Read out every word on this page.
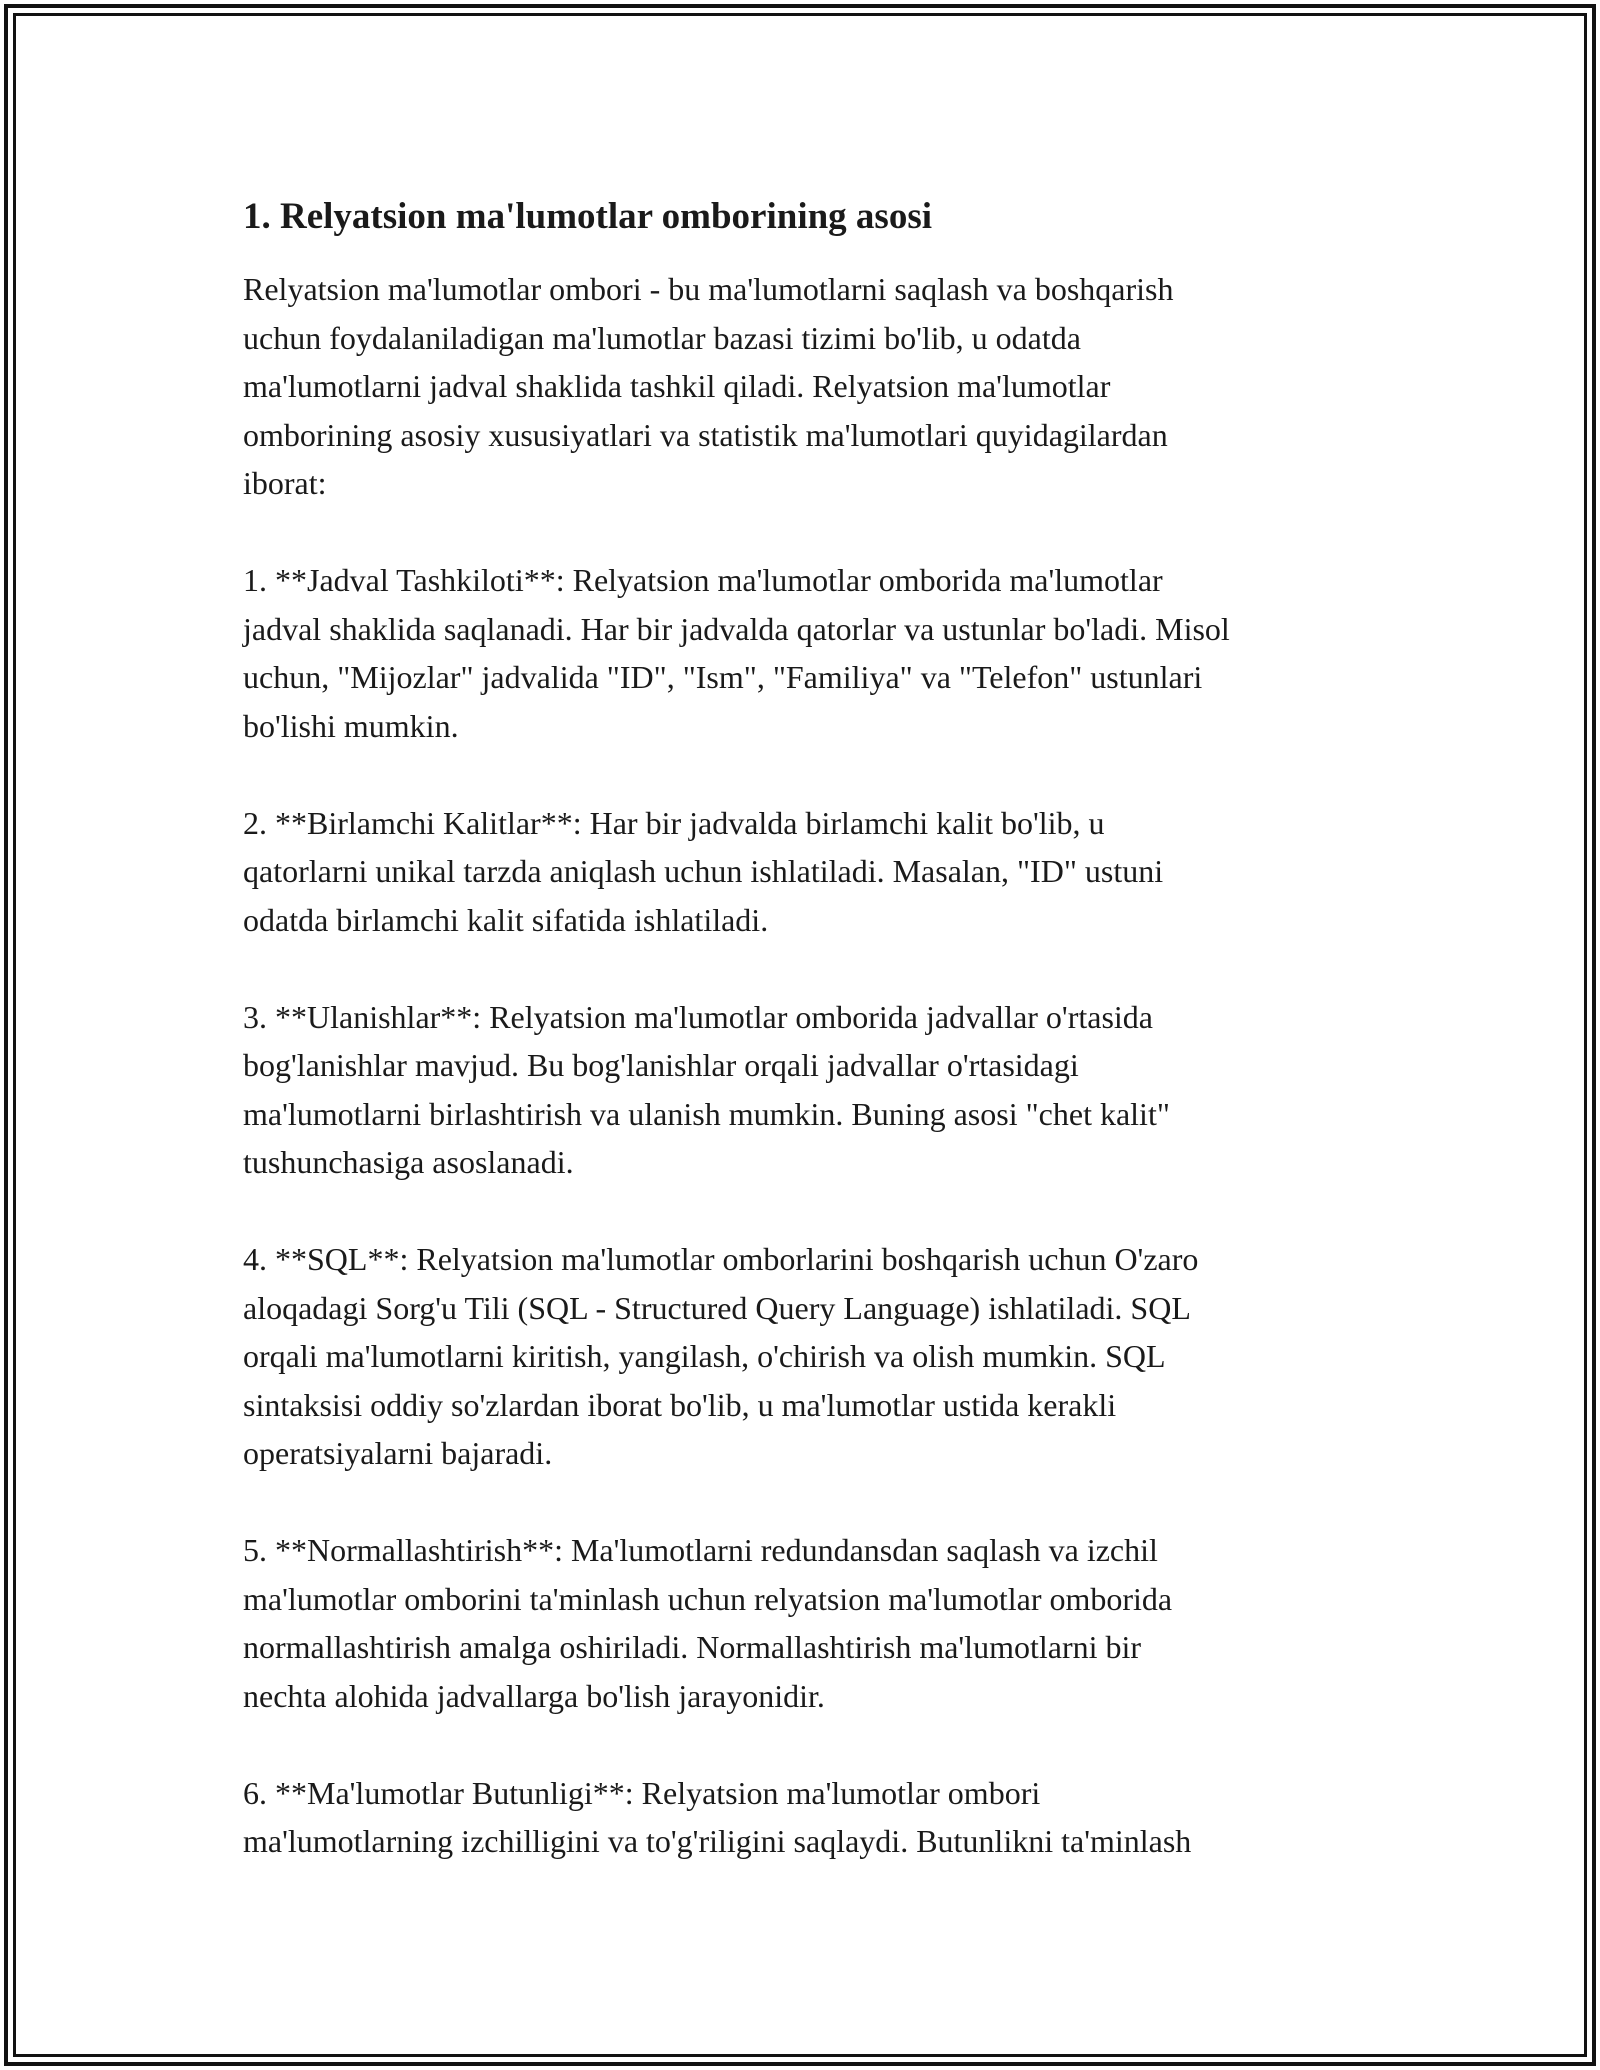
1. Relyatsion ma'lumotlar omborining asosi

Relyatsion ma'lumotlar ombori - bu ma'lumotlarni saqlash va boshqarish
uchun foydalaniladigan ma'lumotlar bazasi tizimi bo'lib, u odatda
ma'lumotlarni jadval shaklida tashkil qiladi. Relyatsion ma'lumotlar
omborining asosiy xususiyatlari va statistik ma'lumotlari quyidagilardan
iborat:

1. **Jadval Tashkiloti**: Relyatsion ma'lumotlar omborida ma'lumotlar
jadval shaklida saqlanadi. Har bir jadvalda qatorlar va ustunlar bo'ladi. Misol
uchun, "Mijozlar" jadvalida "ID", "Ism", "Familiya" va "Telefon" ustunlari
bo'lishi mumkin.

2. **Birlamchi Kalitlar**: Har bir jadvalda birlamchi kalit bo'lib, u
qatorlarni unikal tarzda aniqlash uchun ishlatiladi. Masalan, "ID" ustuni
odatda birlamchi kalit sifatida ishlatiladi.

3. **Ulanishlar**: Relyatsion ma'lumotlar omborida jadvallar o'rtasida
bog'lanishlar mavjud. Bu bog'lanishlar orqali jadvallar o'rtasidagi
ma'lumotlarni birlashtirish va ulanish mumkin. Buning asosi "chet kalit"
tushunchasiga asoslanadi.

4. **SQL**: Relyatsion ma'lumotlar omborlarini boshqarish uchun O'zaro
aloqadagi Sorg'u Tili (SQL - Structured Query Language) ishlatiladi. SQL
orqali ma'lumotlarni kiritish, yangilash, o'chirish va olish mumkin. SQL
sintaksisi oddiy so'zlardan iborat bo'lib, u ma'lumotlar ustida kerakli
operatsiyalarni bajaradi.

5. **Normallashtirish**: Ma'lumotlarni redundansdan saqlash va izchil
ma'lumotlar omborini ta'minlash uchun relyatsion ma'lumotlar omborida
normallashtirish amalga oshiriladi. Normallashtirish ma'lumotlarni bir
nechta alohida jadvallarga bo'lish jarayonidir.

6. **Ma'lumotlar Butunligi**: Relyatsion ma'lumotlar ombori
ma'lumotlarning izchilligini va to'g'riligini saqlaydi. Butunlikni ta'minlash
